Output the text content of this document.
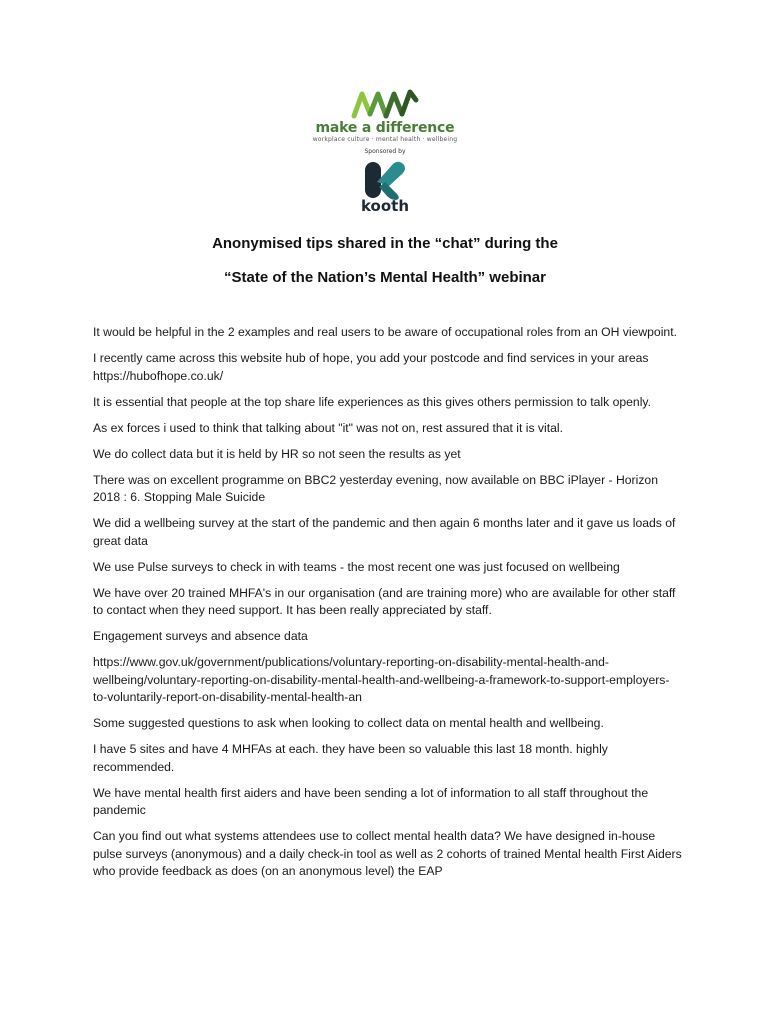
make a difference
workplace culture · mental health · wellbeing
Sponsored by
kooth
Anonymised tips shared in the “chat” during the
“State of the Nation’s Mental Health” webinar
It would be helpful in the 2 examples and real users to be aware of occupational roles from an OH viewpoint.
I recently came across this website hub of hope, you add your postcode and find services in your areas https://hubofhope.co.uk/
It is essential that people at the top share life experiences as this gives others permission to talk openly.
As ex forces i used to think that talking about "it" was not on, rest assured that it is vital.
We do collect data but it is held by HR so not seen the results as yet
There was on excellent programme on BBC2 yesterday evening, now available on BBC iPlayer - Horizon 2018 : 6. Stopping Male Suicide
We did a wellbeing survey at the start of the pandemic and then again 6 months later and it gave us loads of great data
We use Pulse surveys to check in with teams - the most recent one was just focused on wellbeing
We have over 20 trained MHFA's in our organisation (and are training more) who are available for other staff to contact when they need support. It has been really appreciated by staff.
Engagement surveys and absence data
https://www.gov.uk/government/publications/voluntary-reporting-on-disability-mental-health-and-wellbeing/voluntary-reporting-on-disability-mental-health-and-wellbeing-a-framework-to-support-employers-to-voluntarily-report-on-disability-mental-health-an
Some suggested questions to ask when looking to collect data on mental health and wellbeing.
I have 5 sites and have 4 MHFAs at each. they have been so valuable this last 18 month. highly recommended.
We have mental health first aiders and have been sending a lot of information to all staff throughout the pandemic
Can you find out what systems attendees use to collect mental health data? We have designed in-house pulse surveys (anonymous) and a daily check-in tool as well as 2 cohorts of trained Mental health First Aiders who provide feedback as does (on an anonymous level) the EAP
